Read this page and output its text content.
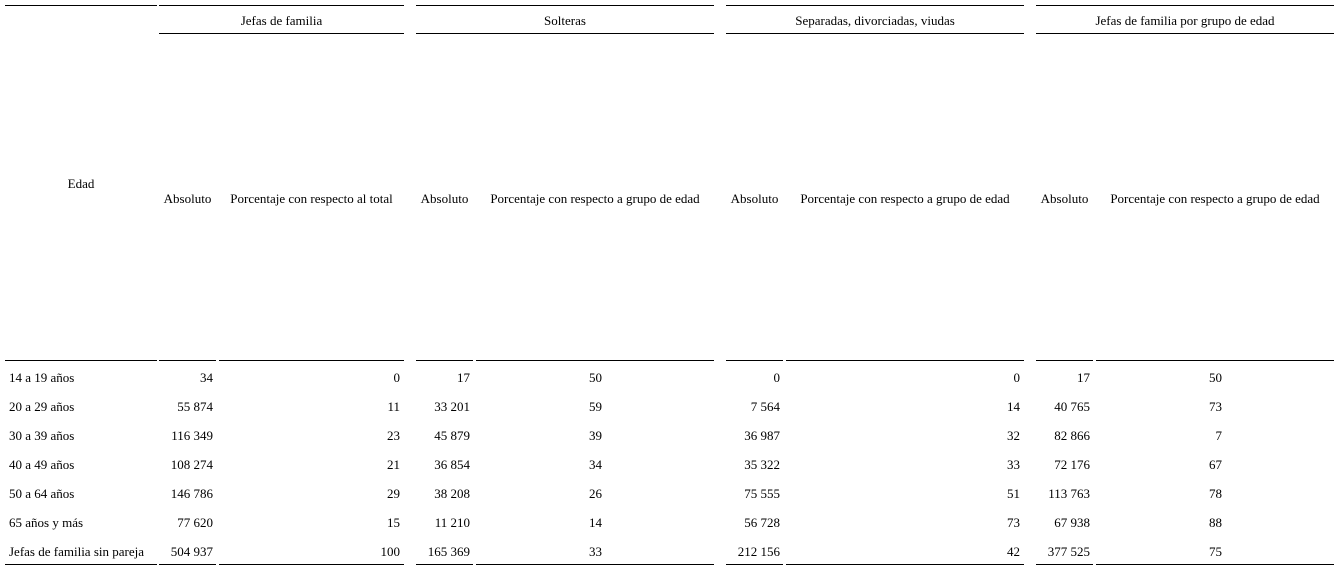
Edad
Jefas de familia	Solteras	Separadas, divorciadas, viudas	Jefas de familia por grupo de edad
Absoluto	Porcentaje con respecto al total	Absoluto	Porcentaje con respecto a grupo de edad	Absoluto	Porcentaje con respecto a grupo de edad	Absoluto	Porcentaje con respecto a grupo de edad
14 a 19 años	34	0	17	50	0	0	17	50
20 a 29 años	55 874	11	33 201	59	7 564	14	40 765	73
30 a 39 años	116 349	23	45 879	39	36 987	32	82 866	7
40 a 49 años	108 274	21	36 854	34	35 322	33	72 176	67
50 a 64 años	146 786	29	38 208	26	75 555	51	113 763	78
65 años y más	77 620	15	11 210	14	56 728	73	67 938	88
Jefas de familia sin pareja	504 937	100	165 369	33	212 156	42	377 525	75
